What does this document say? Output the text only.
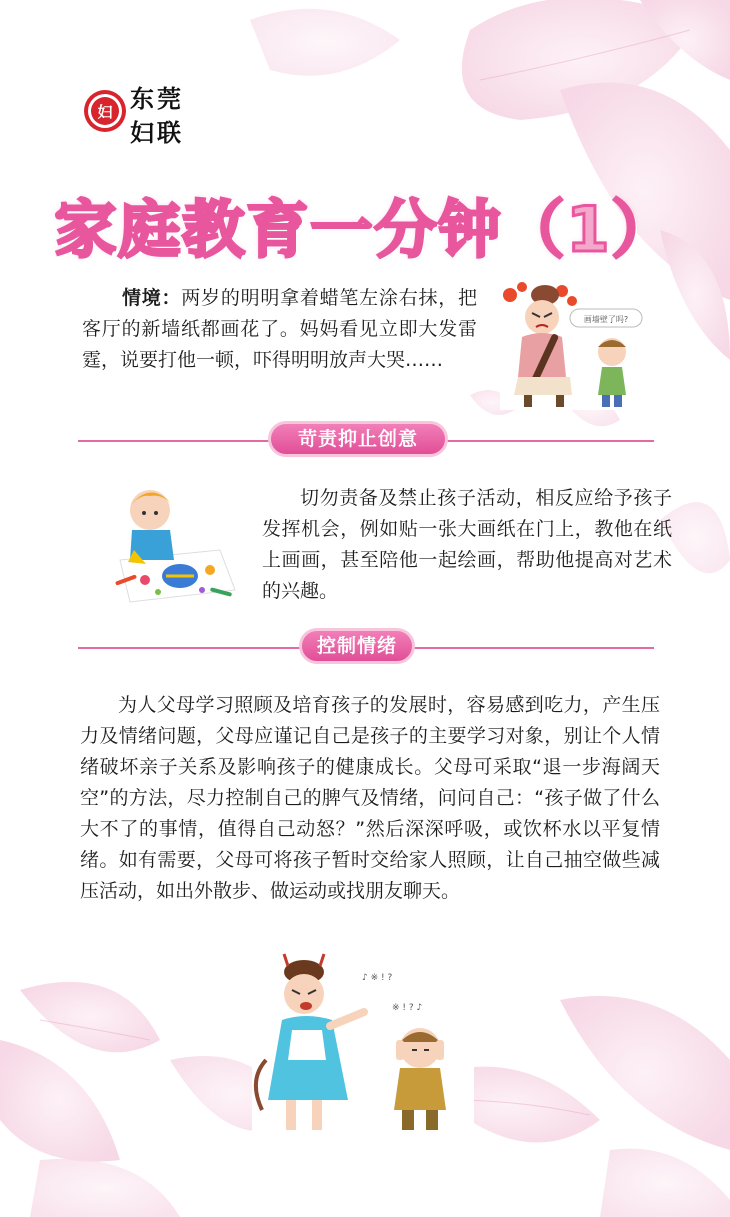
妇 东莞妇联
家庭教育一分钟（1）
情境：两岁的明明拿着蜡笔左涂右抹，把客厅的新墙纸都画花了。妈妈看见立即大发雷霆，说要打他一顿，吓得明明放声大哭……
画墙壁了吗?
苛责抑止创意
切勿责备及禁止孩子活动，相反应给予孩子发挥机会，例如贴一张大画纸在门上，教他在纸上画画，甚至陪他一起绘画，帮助他提高对艺术的兴趣。
控制情绪
为人父母学习照顾及培育孩子的发展时，容易感到吃力，产生压力及情绪问题，父母应谨记自己是孩子的主要学习对象，别让个人情绪破坏亲子关系及影响孩子的健康成长。父母可采取“退一步海阔天空”的方法，尽力控制自己的脾气及情绪，问问自己：“孩子做了什么大不了的事情，值得自己动怒？”然后深深呼吸，或饮杯水以平复情绪。如有需要，父母可将孩子暂时交给家人照顾，让自己抽空做些减压活动，如出外散步、做运动或找朋友聊天。
♪ ※ ! ?
※ ! ? ♪
